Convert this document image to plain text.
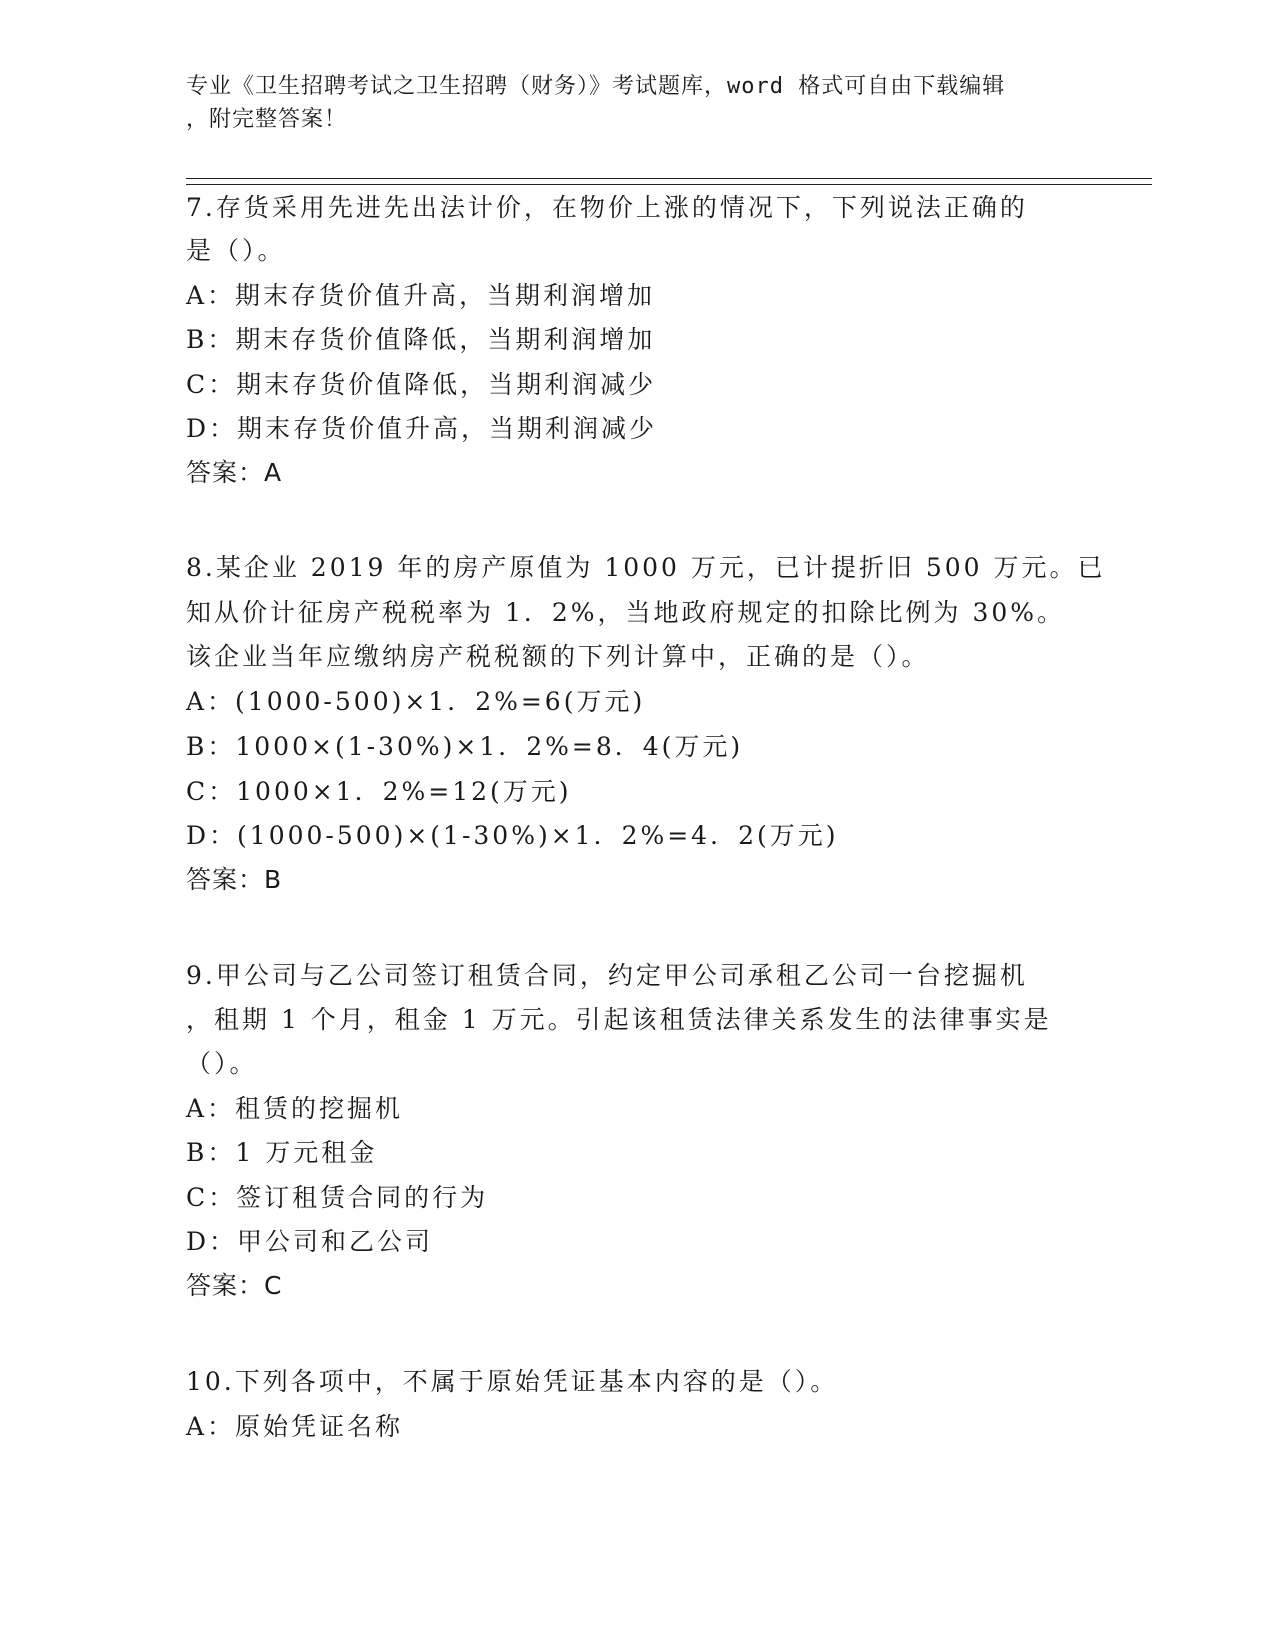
专业《卫生招聘考试之卫生招聘（财务）》考试题库，word 格式可自由下载编辑
，附完整答案！
7.存货采用先进先出法计价，在物价上涨的情况下，下列说法正确的
是（）。
A：期末存货价值升高，当期利润增加
B：期末存货价值降低，当期利润增加
C：期末存货价值降低，当期利润减少
D：期末存货价值升高，当期利润减少
答案：A
8.某企业 2019 年的房产原值为 1000 万元，已计提折旧 500 万元。已
知从价计征房产税税率为 1．2%，当地政府规定的扣除比例为 30%。
该企业当年应缴纳房产税税额的下列计算中，正确的是（）。
A：(1000-500)×1．2%=6(万元)
B：1000×(1-30%)×1．2%=8．4(万元)
C：1000×1．2%=12(万元)
D：(1000-500)×(1-30%)×1．2%=4．2(万元)
答案：B
9.甲公司与乙公司签订租赁合同，约定甲公司承租乙公司一台挖掘机
，租期 1 个月，租金 1 万元。引起该租赁法律关系发生的法律事实是
（）。
A：租赁的挖掘机
B：1 万元租金
C：签订租赁合同的行为
D：甲公司和乙公司
答案：C
10.下列各项中，不属于原始凭证基本内容的是（）。
A：原始凭证名称
